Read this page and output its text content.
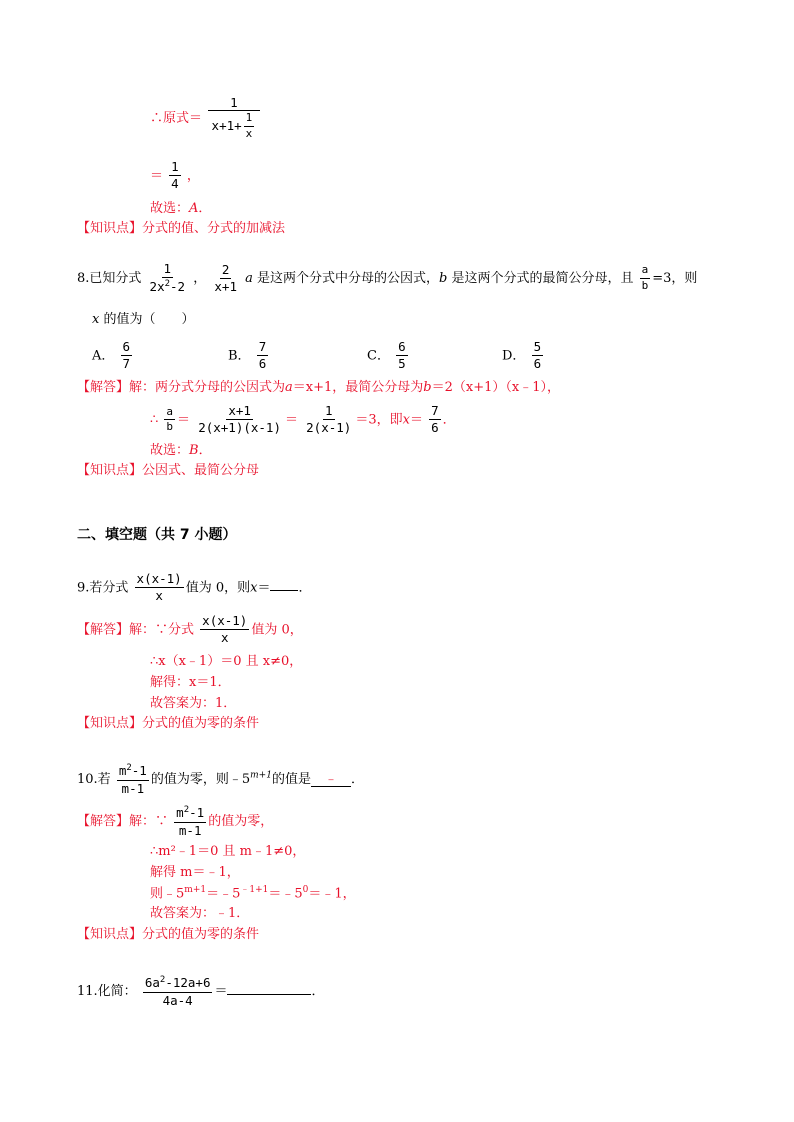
∴原式＝ $\frac{1}{x+1+ \frac{1}{x}}$
＝ $\frac{1}{4}$ ，
故选：A．
【知识点】分式的值、分式的加减法
8.已知分式 $\frac{1}{2x^2-2}$ ， $\frac{2}{x+1}$ a 是这两个分式中分母的公因式，b 是这两个分式的最简公分母，且 $\frac{a}{b} =3$，则
x 的值为（　　）
A． $\frac{6}{7}$	B． $\frac{7}{6}$	C． $\frac{6}{5}$	D． $\frac{5}{6}$
【解答】解：两分式分母的公因式为a＝x+1，最简公分母为b＝2（x+1）（x﹣1），
∴ $\frac{a}{b} = \frac{x+1}{2(x+1)(x-1)} = \frac{1}{2(x-1)} =3$，即$x= \frac{7}{6}$ ．
故选：B．
【知识点】公因式、最简公分母
二、填空题（共 7 小题）
9.若分式 $\frac{x(x-1)}{x}$ 值为 0，则x＝ ．
【解答】解：∵分式 $\frac{x(x-1)}{x}$ 值为 0，
∴x（x﹣1）＝0 且 x≠0，
解得：x＝1．
故答案为：1．
【知识点】分式的值为零的条件
10.若 $\frac{m^2-1}{m-1}$ 的值为零，则$﹣5^{m+1}$的值是 ﹣ ．
【解答】解：∵ $\frac{m^2-1}{m-1}$ 的值为零，
∴m²﹣1＝0 且 m﹣1≠0，
解得 m＝﹣1，
则$﹣5^{m+1}=﹣5^{﹣1+1}=﹣5^0=﹣1$，
故答案为：﹣1．
【知识点】分式的值为零的条件
11.化简： $\frac{6a^2-12a+6}{4a-4}$ ＝	．
